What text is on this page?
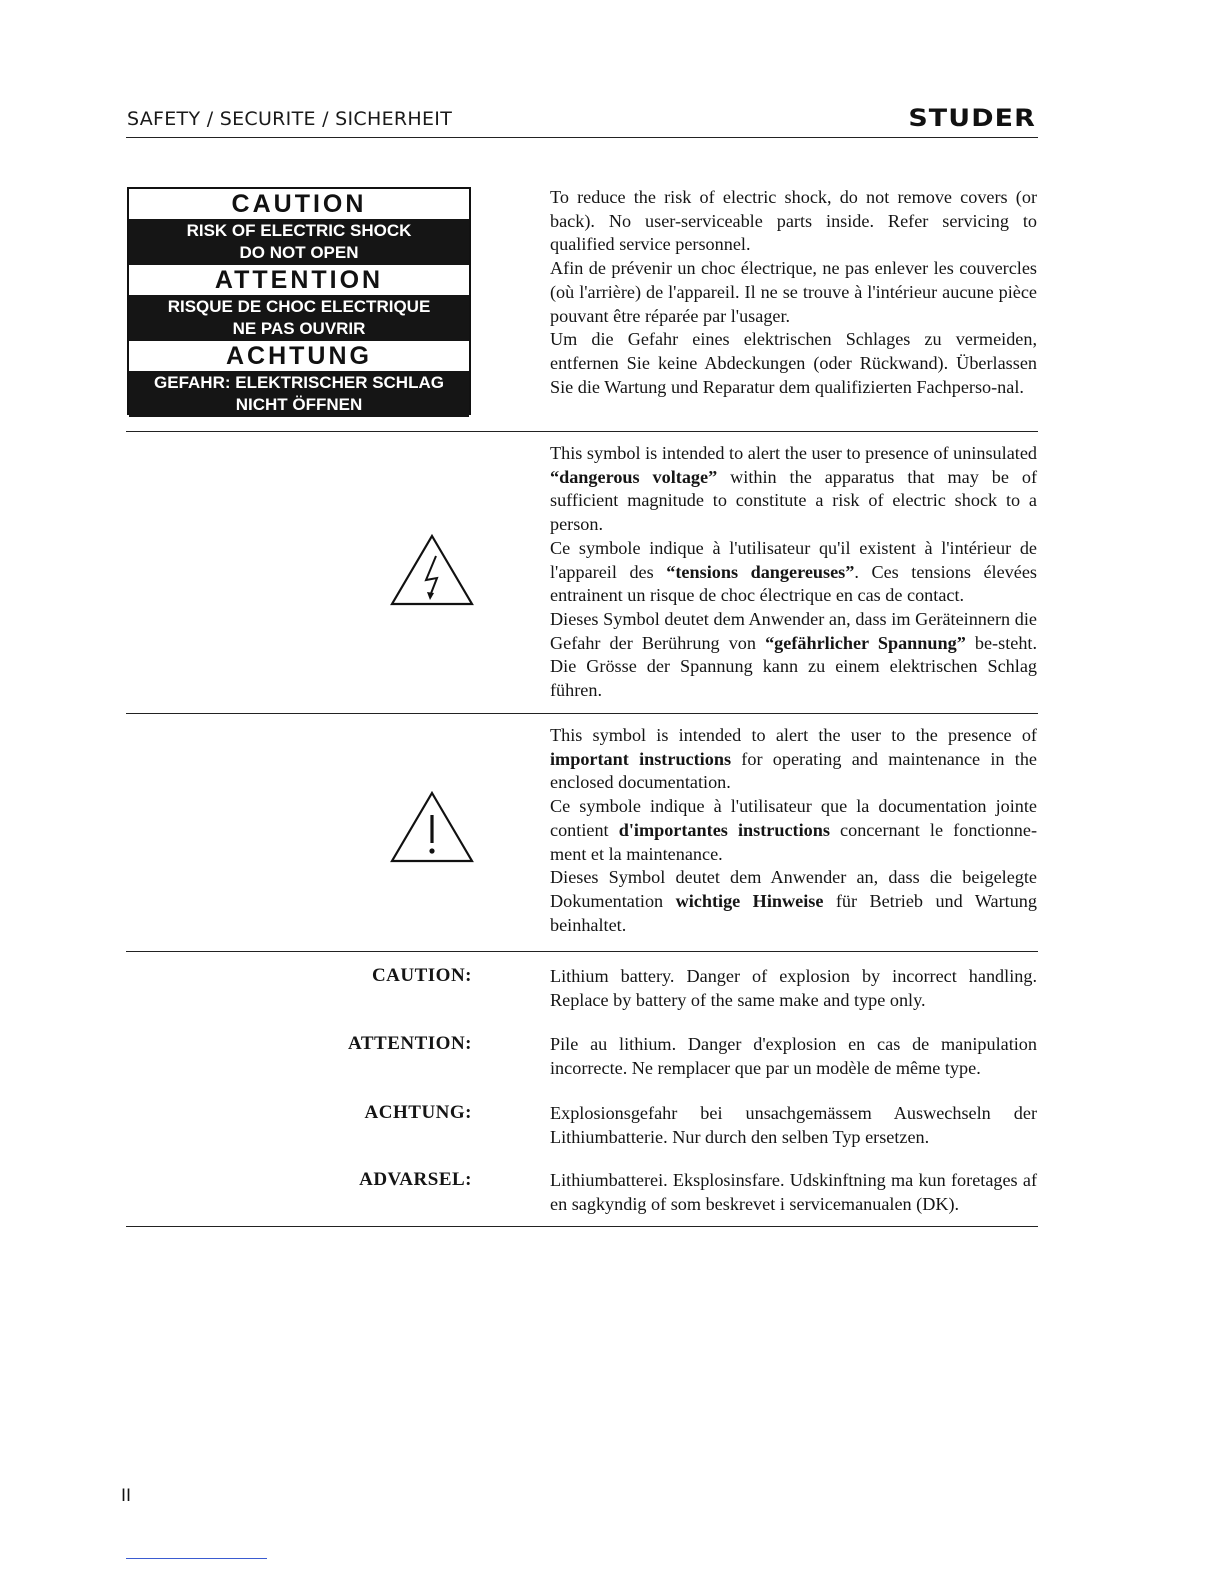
SAFETY / SECURITE / SICHERHEIT	STUDER
CAUTION
RISK OF ELECTRIC SHOCK
DO NOT OPEN
ATTENTION
RISQUE DE CHOC ELECTRIQUE
NE PAS OUVRIR
ACHTUNG
GEFAHR: ELEKTRISCHER SCHLAG
NICHT ÖFFNEN

To reduce the risk of electric shock, do not remove covers (or back). No user-serviceable parts inside. Refer servicing to qualified service personnel.

Afin de prévenir un choc électrique, ne pas enlever les couvercles (où l'arrière) de l'appareil. Il ne se trouve à l'intérieur aucune pièce pouvant être réparée par l'usager.

Um die Gefahr eines elektrischen Schlages zu vermeiden, entfernen Sie keine Abdeckungen (oder Rückwand). Überlassen Sie die Wartung und Reparatur dem qualifizierten Fachperso-nal.

This symbol is intended to alert the user to presence of uninsulated “dangerous voltage” within the apparatus that may be of sufficient magnitude to constitute a risk of electric shock to a person.

Ce symbole indique à l'utilisateur qu'il existent à l'intérieur de l'appareil des “tensions dangereuses”. Ces tensions élevées entrainent un risque de choc électrique en cas de contact.

Dieses Symbol deutet dem Anwender an, dass im Geräteinnern die Gefahr der Berührung von “gefährlicher Spannung” be-steht. Die Grösse der Spannung kann zu einem elektrischen Schlag führen.

This symbol is intended to alert the user to the presence of important instructions for operating and maintenance in the enclosed documentation.

Ce symbole indique à l'utilisateur que la documentation jointe contient d'importantes instructions concernant le fonctionne-ment et la maintenance.

Dieses Symbol deutet dem Anwender an, dass die beigelegte Dokumentation wichtige Hinweise für Betrieb und Wartung beinhaltet.

CAUTION:	Lithium battery. Danger of explosion by incorrect handling. Replace by battery of the same make and type only.
ATTENTION:	Pile au lithium. Danger d'explosion en cas de manipulation incorrecte. Ne remplacer que par un modèle de même type.
ACHTUNG:	Explosionsgefahr bei unsachgemässem Auswechseln der Lithiumbatterie. Nur durch den selben Typ ersetzen.
ADVARSEL:	Lithiumbatterei. Eksplosinsfare. Udskinftning ma kun foretages af en sagkyndig of som beskrevet i servicemanualen (DK).
II
